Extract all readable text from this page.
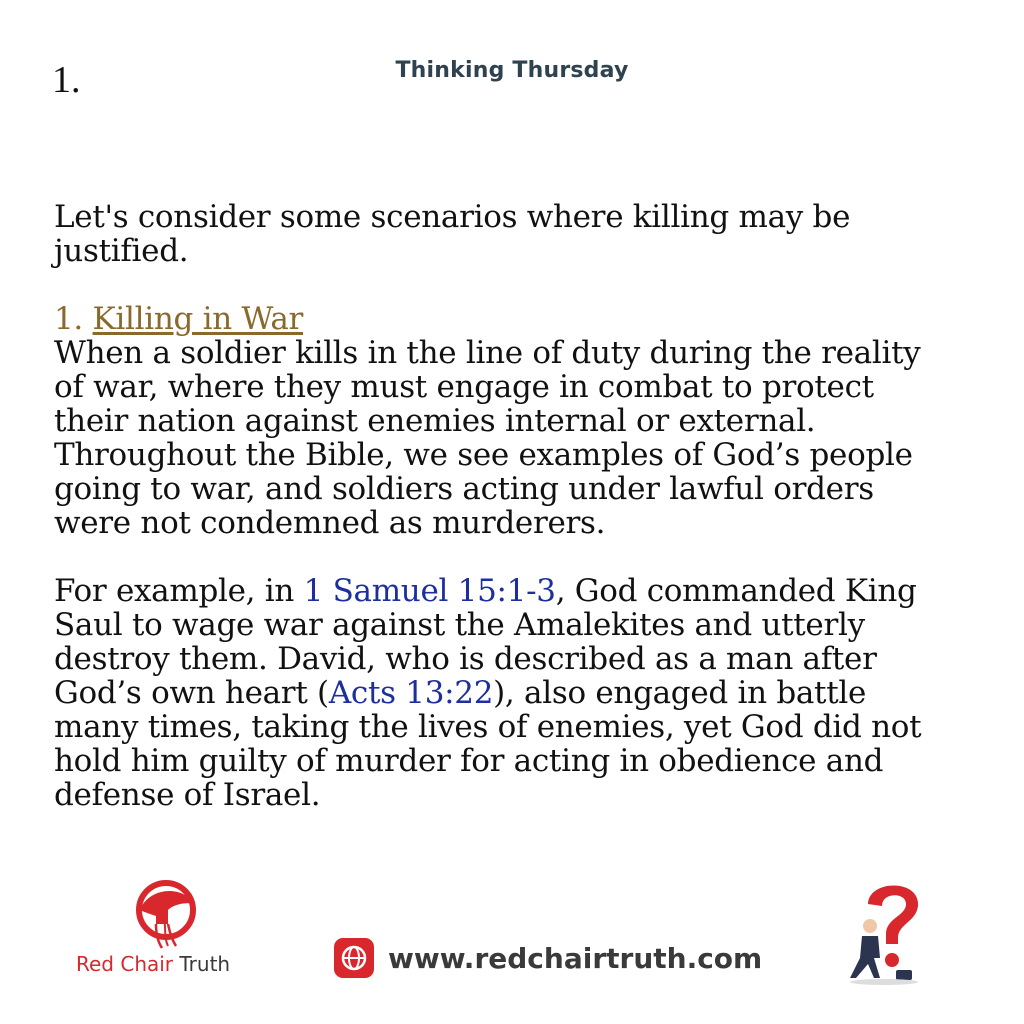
1.	Thinking Thursday

Let's consider some scenarios where killing may be justified.

1. Killing in War

When a soldier kills in the line of duty during the reality of war, where they must engage in combat to protect their nation against enemies internal or external. Throughout the Bible, we see examples of God’s people going to war, and soldiers acting under lawful orders were not condemned as murderers.

For example, in 1 Samuel 15:1-3, God commanded King Saul to wage war against the Amalekites and utterly destroy them. David, who is described as a man after God’s own heart (Acts 13:22), also engaged in battle many times, taking the lives of enemies, yet God did not hold him guilty of murder for acting in obedience and defense of Israel.

Red Chair Truth	www.redchairtruth.com
